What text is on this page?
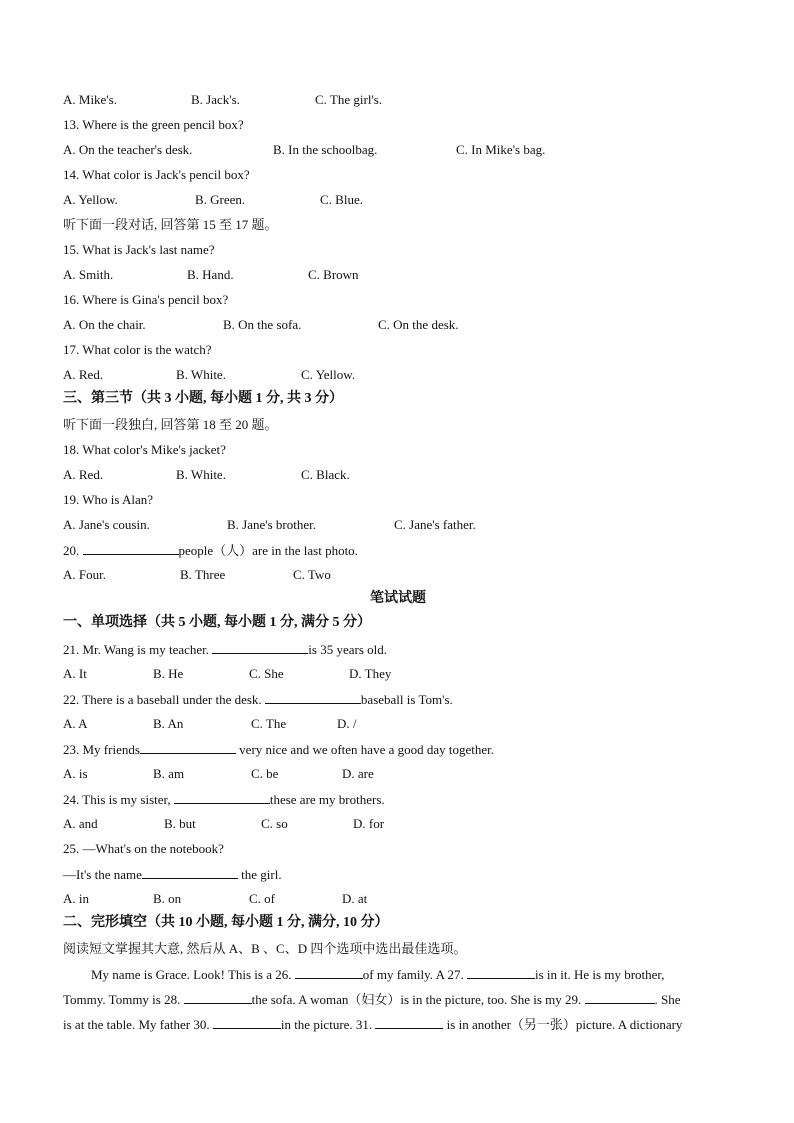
A. Mike's.	B. Jack's.	C. The girl's.
13. Where is the green pencil box?
A. On the teacher's desk.	B. In the schoolbag.	C. In Mike's bag.
14. What color is Jack's pencil box?
A. Yellow.	B. Green.	C. Blue.
听下面一段对话, 回答第 15 至 17 题。
15. What is Jack's last name?
A. Smith.	B. Hand.	C. Brown
16. Where is Gina's pencil box?
A. On the chair.	B. On the sofa.	C. On the desk.
17. What color is the watch?
A. Red.	B. White.	C. Yellow.
三、第三节（共 3 小题, 每小题 1 分, 共 3 分）
听下面一段独白, 回答第 18 至 20 题。
18. What color's Mike's jacket?
A. Red.	B. White.	C. Black.
19. Who is Alan?
A. Jane's cousin.	B. Jane's brother.	C. Jane's father.
20.	people（人）are in the last photo.
A. Four.	B. Three	C. Two
笔试试题
一、单项选择（共 5 小题, 每小题 1 分, 满分 5 分）
21. Mr. Wang is my teacher.	is 35 years old.
A. It	B. He	C. She	D. They
22. There is a baseball under the desk.	baseball is Tom's.
A. A	B. An	C. The	D. /
23. My friends	very nice and we often have a good day together.
A. is	B. am	C. be	D. are
24. This is my sister,	these are my brothers.
A. and	B. but	C. so	D. for
25. —What's on the notebook?
—It's the name	the girl.
A. in	B. on	C. of	D. at
二、完形填空（共 10 小题, 每小题 1 分, 满分, 10 分）
阅读短文掌握其大意, 然后从 A、B 、C、D 四个选项中选出最佳选项。
My name is Grace. Look! This is a 26.	of my family. A 27.	is in it. He is my brother,
Tommy. Tommy is 28.	the sofa. A woman（妇女）is in the picture, too. She is my 29.	. She
is at the table. My father 30.	in the picture. 31.	is in another（另一张）picture. A dictionary
